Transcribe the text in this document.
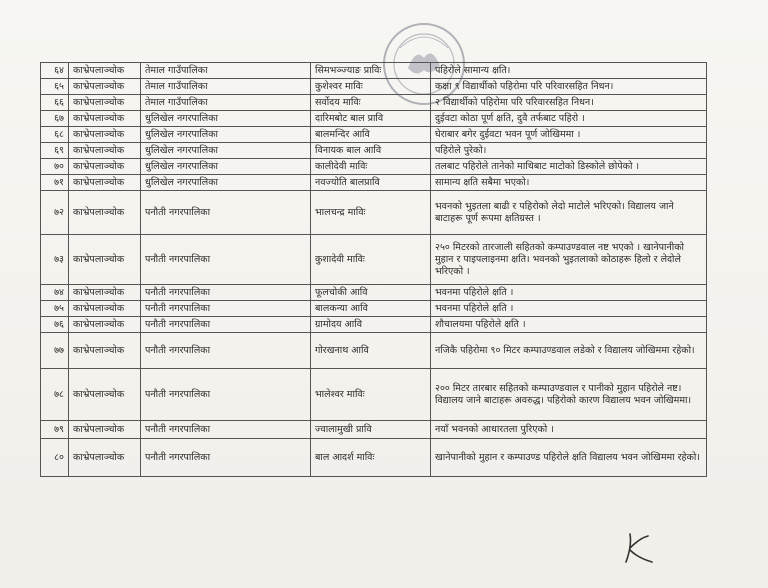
६४	काभ्रेपलाञ्चोक	तेमाल गाउँपालिका	सिमभञ्ज्याङ प्राविः	पहिरोले सामान्य क्षति।
६५	काभ्रेपलाञ्चोक	तेमाल गाउँपालिका	कुशेश्वर माविः	कक्षा ९ विद्यार्थीको पहिरोमा परि परिवारसहित निधन।
६६	काभ्रेपलाञ्चोक	तेमाल गाउँपालिका	सर्वोदय माविः	२ विद्यार्थीको पहिरोमा परि परिवारसहित निधन।
६७	काभ्रेपलाञ्चोक	धुलिखेल नगरपालिका	दारिमबोट बाल प्रावि	दुईवटा कोठा पूर्ण क्षति, दुवै तर्फबाट पहिरो ।
६८	काभ्रेपलाञ्चोक	धुलिखेल नगरपालिका	बालमन्दिर आवि	घेराबार बगेर दुईवटा भवन पूर्ण जोखिममा ।
६९	काभ्रेपलाञ्चोक	धुलिखेल नगरपालिका	विनायक बाल आवि	पहिरोले पुरेको।
७०	काभ्रेपलाञ्चोक	धुलिखेल नगरपालिका	कालीदेवी माविः	तलबाट पहिरोले तानेको माथिबाट माटोको डिस्कोले छोपेको ।
७१	काभ्रेपलाञ्चोक	धुलिखेल नगरपालिका	नवज्योति बालप्रावि	सामान्य क्षति सबैमा भएको।
७२	काभ्रेपलाञ्चोक	पनौती नगरपालिका	भालचन्द्र माविः	भवनको भुइतला बाढी र पहिरोको लेदो माटोले भरिएको। विद्यालय जाने बाटाहरू पूर्ण रूपमा क्षतिग्रस्त ।
७३	काभ्रेपलाञ्चोक	पनौती नगरपालिका	कुशादेवी माविः	२५० मिटरको तारजाली सहितको कम्पाउण्डवाल नष्ट भएको । खानेपानीको मुहान र पाइपलाइनमा क्षति। भवनको भुइतलाको कोठाहरू हिलो र लेदोले भरिएको ।
७४	काभ्रेपलाञ्चोक	पनौती नगरपालिका	फूलचोकी आवि	भवनमा पहिरोले क्षति ।
७५	काभ्रेपलाञ्चोक	पनौती नगरपालिका	बालकन्या आवि	भवनमा पहिरोले क्षति ।
७६	काभ्रेपलाञ्चोक	पनौती नगरपालिका	ग्रामोदय आवि	शौचालयमा पहिरोले क्षति ।
७७	काभ्रेपलाञ्चोक	पनौती नगरपालिका	गोरखनाथ आवि	नजिकै पहिरोमा ९० मिटर कम्पाउण्डवाल लडेको र विद्यालय जोखिममा रहेको।
७८	काभ्रेपलाञ्चोक	पनौती नगरपालिका	भालेश्वर माविः	२०० मिटर तारबार सहितको कम्पाउण्डवाल र पानीको मुहान पहिरोले नष्ट। विद्यालय जाने बाटाहरू अवरुद्ध। पहिरोको कारण विद्यालय भवन जोखिममा।
७९	काभ्रेपलाञ्चोक	पनौती नगरपालिका	ज्वालामुखी प्रावि	नयाँ भवनको आधारतला पुरिएको ।
८०	काभ्रेपलाञ्चोक	पनौती नगरपालिका	बाल आदर्श माविः	खानेपानीको मुहान र कम्पाउण्ड पहिरोले क्षति विद्यालय भवन जोखिममा रहेको।
